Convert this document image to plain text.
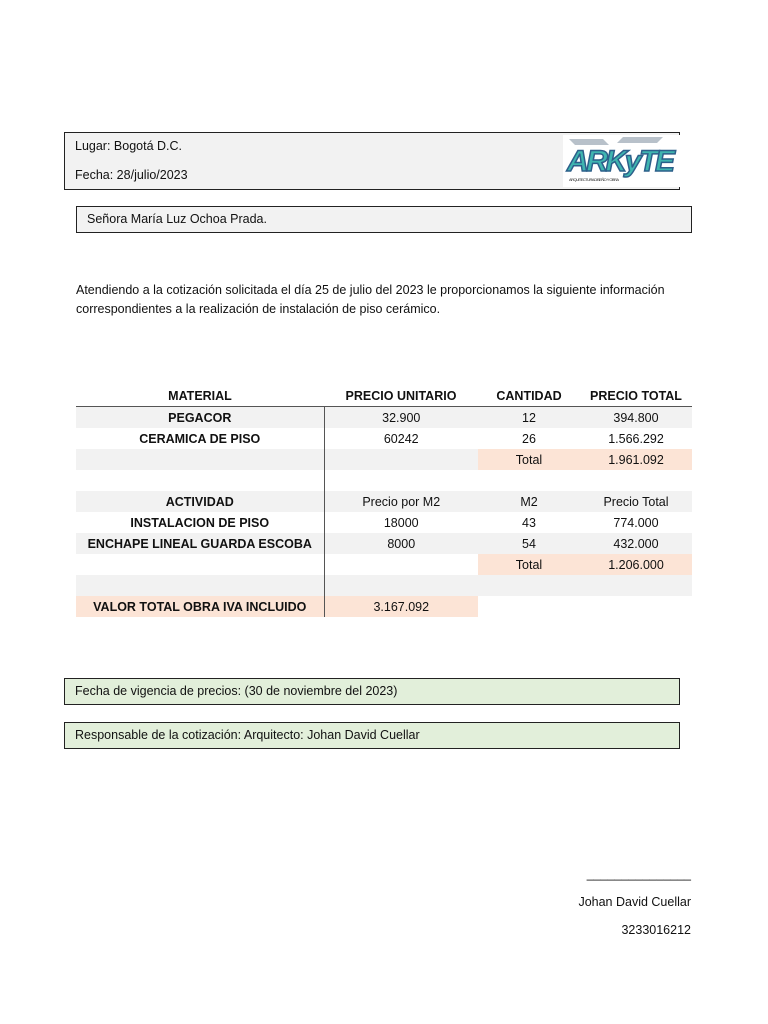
Lugar: Bogotá D.C.
Fecha: 28/julio/2023	ARKyTE
ARQUITECTURA DISEÑO Y OBRA
Señora María Luz Ochoa Prada.
Atendiendo a la cotización solicitada el día 25 de julio del 2023 le proporcionamos la siguiente información correspondientes a la realización de instalación de piso cerámico.
MATERIAL	PRECIO UNITARIO	CANTIDAD	PRECIO TOTAL
PEGACOR	32.900	12	394.800
CERAMICA DE PISO	60242	26	1.566.292
		Total	1.961.092

ACTIVIDAD	Precio por M2	M2	Precio Total
INSTALACION DE PISO	18000	43	774.000
ENCHAPE LINEAL GUARDA ESCOBA	8000	54	432.000
		Total	1.206.000

VALOR TOTAL OBRA IVA INCLUIDO	3.167.092		
Fecha de vigencia de precios: (30 de noviembre del 2023)
Responsable de la cotización: Arquitecto: Johan David Cuellar
_______________
Johan David Cuellar
3233016212
